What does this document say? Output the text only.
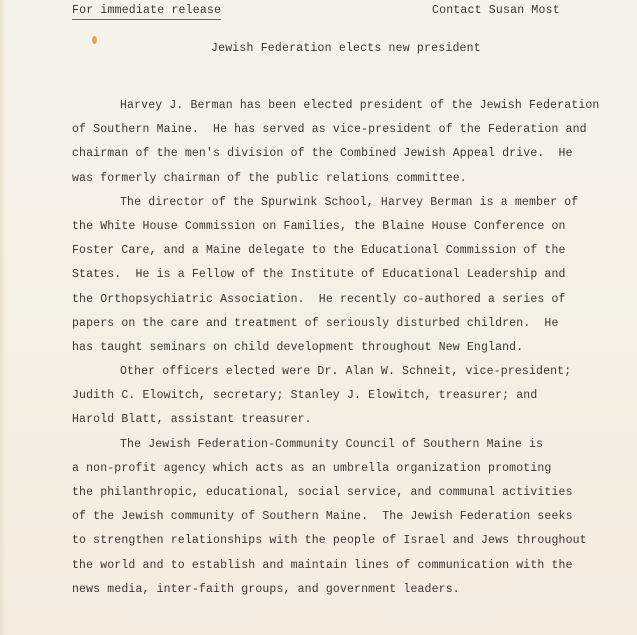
For immediate release	Contact Susan Most
Jewish Federation elects new president
Harvey J. Berman has been elected president of the Jewish Federation
of Southern Maine.  He has served as vice-president of the Federation and
chairman of the men's division of the Combined Jewish Appeal drive.  He
was formerly chairman of the public relations committee.
The director of the Spurwink School, Harvey Berman is a member of
the White House Commission on Families, the Blaine House Conference on
Foster Care, and a Maine delegate to the Educational Commission of the
States.  He is a Fellow of the Institute of Educational Leadership and
the Orthopsychiatric Association.  He recently co-authored a series of
papers on the care and treatment of seriously disturbed children.  He
has taught seminars on child development throughout New England.
Other officers elected were Dr. Alan W. Schneit, vice-president;
Judith C. Elowitch, secretary; Stanley J. Elowitch, treasurer; and
Harold Blatt, assistant treasurer.
The Jewish Federation-Community Council of Southern Maine is
a non-profit agency which acts as an umbrella organization promoting
the philanthropic, educational, social service, and communal activities
of the Jewish community of Southern Maine.  The Jewish Federation seeks
to strengthen relationships with the people of Israel and Jews throughout
the world and to establish and maintain lines of communication with the
news media, inter-faith groups, and government leaders.
